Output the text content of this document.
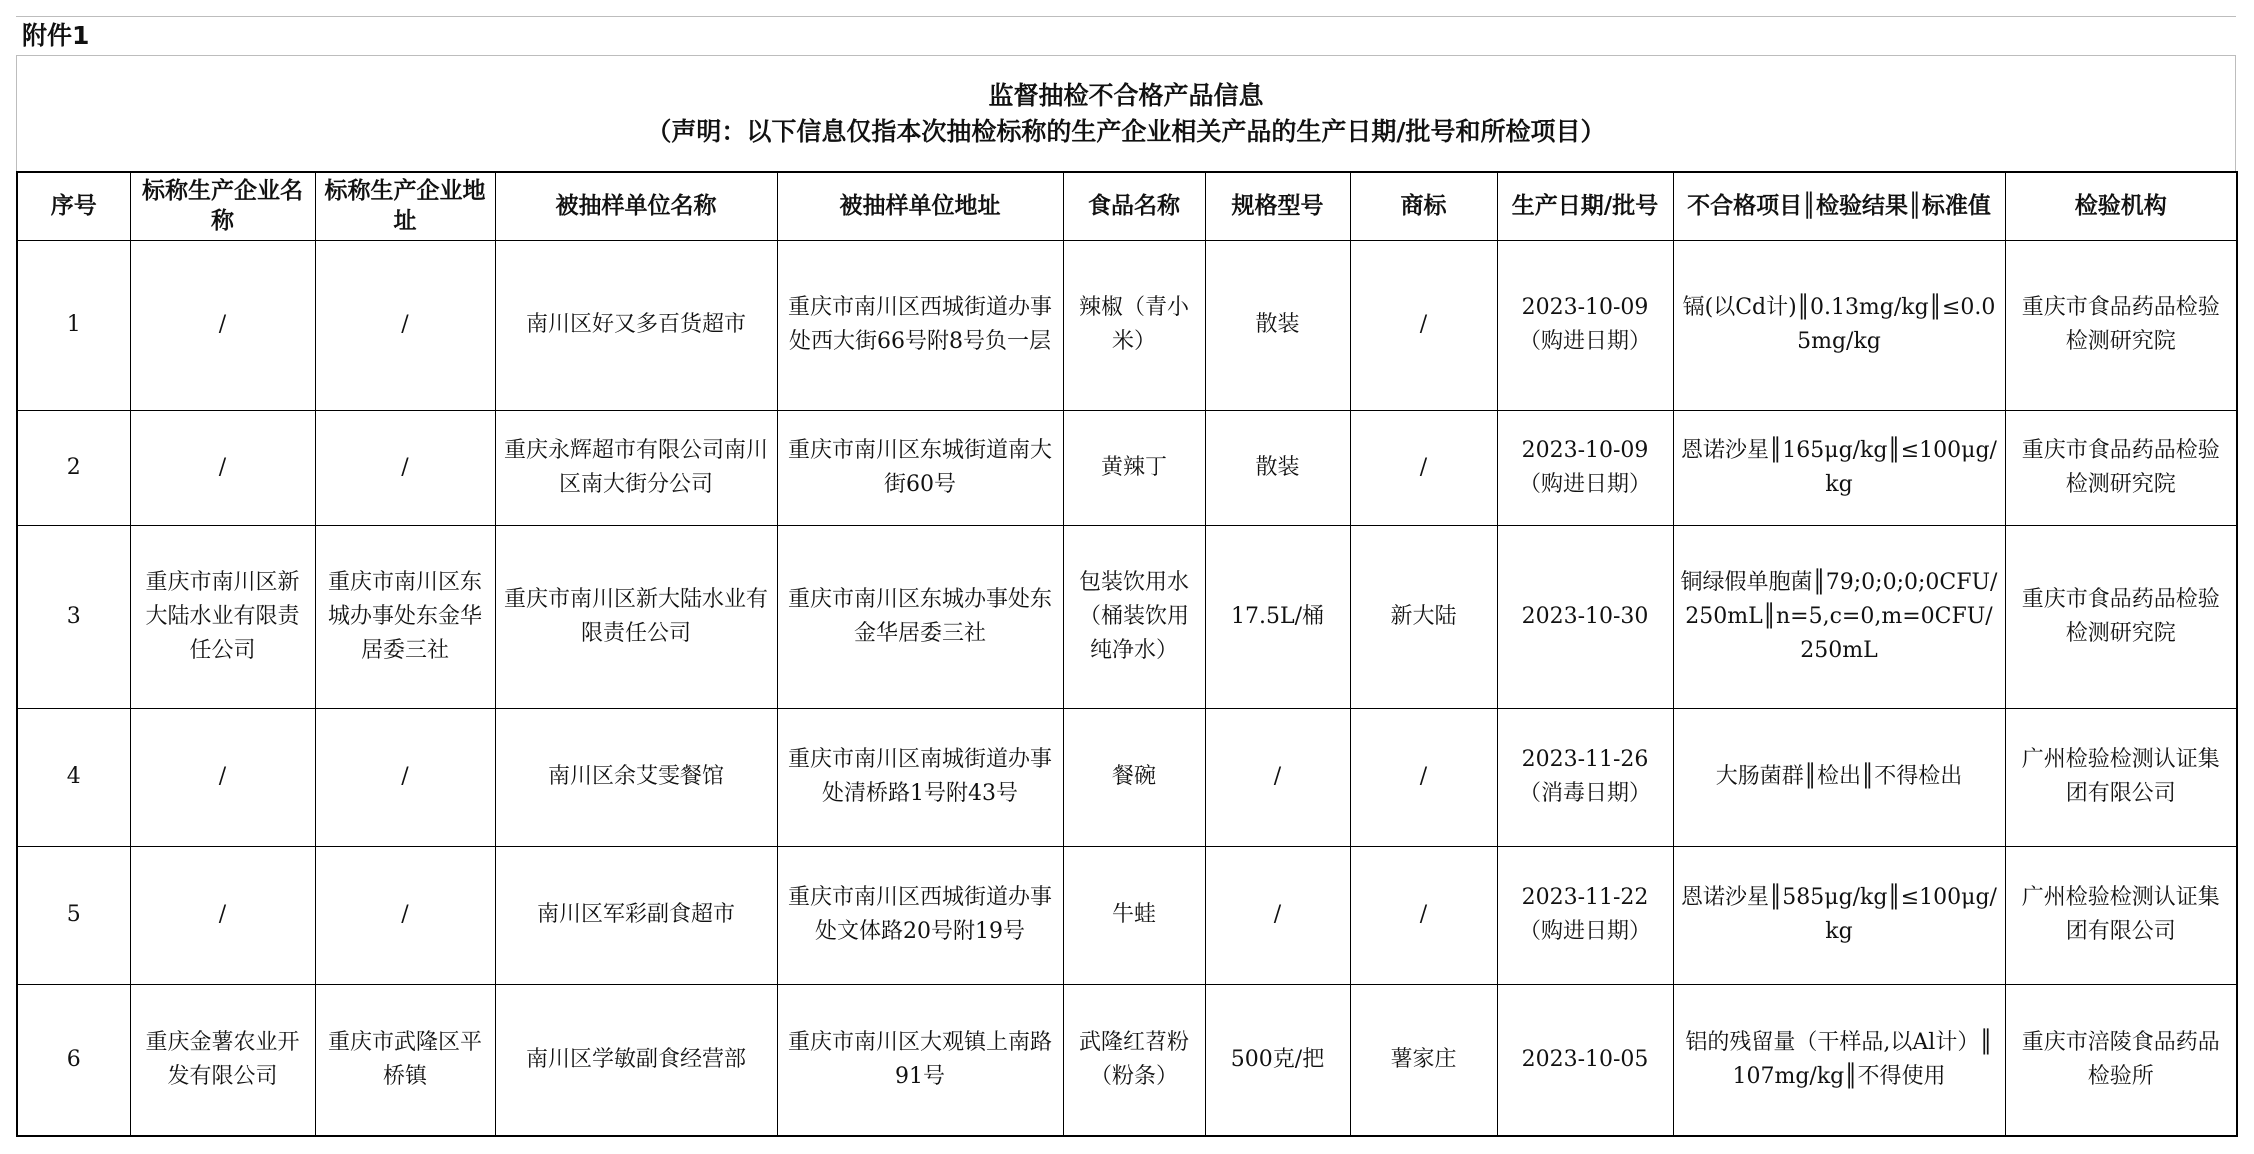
附件1
监督抽检不合格产品信息
（声明：以下信息仅指本次抽检标称的生产企业相关产品的生产日期/批号和所检项目）
序号	标称生产企业名称	标称生产企业地址	被抽样单位名称	被抽样单位地址	食品名称	规格型号	商标	生产日期/批号	不合格项目║检验结果║标准值	检验机构
1	/	/	南川区好又多百货超市	重庆市南川区西城街道办事处西大街66号附8号负一层	辣椒（青小米）	散装	/	2023-10-09（购进日期）	镉(以Cd计)║0.13mg/kg║≤0.05mg/kg	重庆市食品药品检验检测研究院
2	/	/	重庆永辉超市有限公司南川区南大街分公司	重庆市南川区东城街道南大街60号	黄辣丁	散装	/	2023-10-09（购进日期）	恩诺沙星║165μg/kg║≤100μg/kg	重庆市食品药品检验检测研究院
3	重庆市南川区新大陆水业有限责任公司	重庆市南川区东城办事处东金华居委三社	重庆市南川区新大陆水业有限责任公司	重庆市南川区东城办事处东金华居委三社	包装饮用水（桶装饮用纯净水）	17.5L/桶	新大陆	2023-10-30	铜绿假单胞菌║79;0;0;0;0CFU/250mL║n=5,c=0,m=0CFU/250mL	重庆市食品药品检验检测研究院
4	/	/	南川区余艾雯餐馆	重庆市南川区南城街道办事处清桥路1号附43号	餐碗	/	/	2023-11-26（消毒日期）	大肠菌群║检出║不得检出	广州检验检测认证集团有限公司
5	/	/	南川区军彩副食超市	重庆市南川区西城街道办事处文体路20号附19号	牛蛙	/	/	2023-11-22（购进日期）	恩诺沙星║585μg/kg║≤100μg/kg	广州检验检测认证集团有限公司
6	重庆金薯农业开发有限公司	重庆市武隆区平桥镇	南川区学敏副食经营部	重庆市南川区大观镇上南路91号	武隆红苕粉（粉条）	500克/把	薯家庄	2023-10-05	铝的残留量（干样品,以Al计）║107mg/kg║不得使用	重庆市涪陵食品药品检验所
